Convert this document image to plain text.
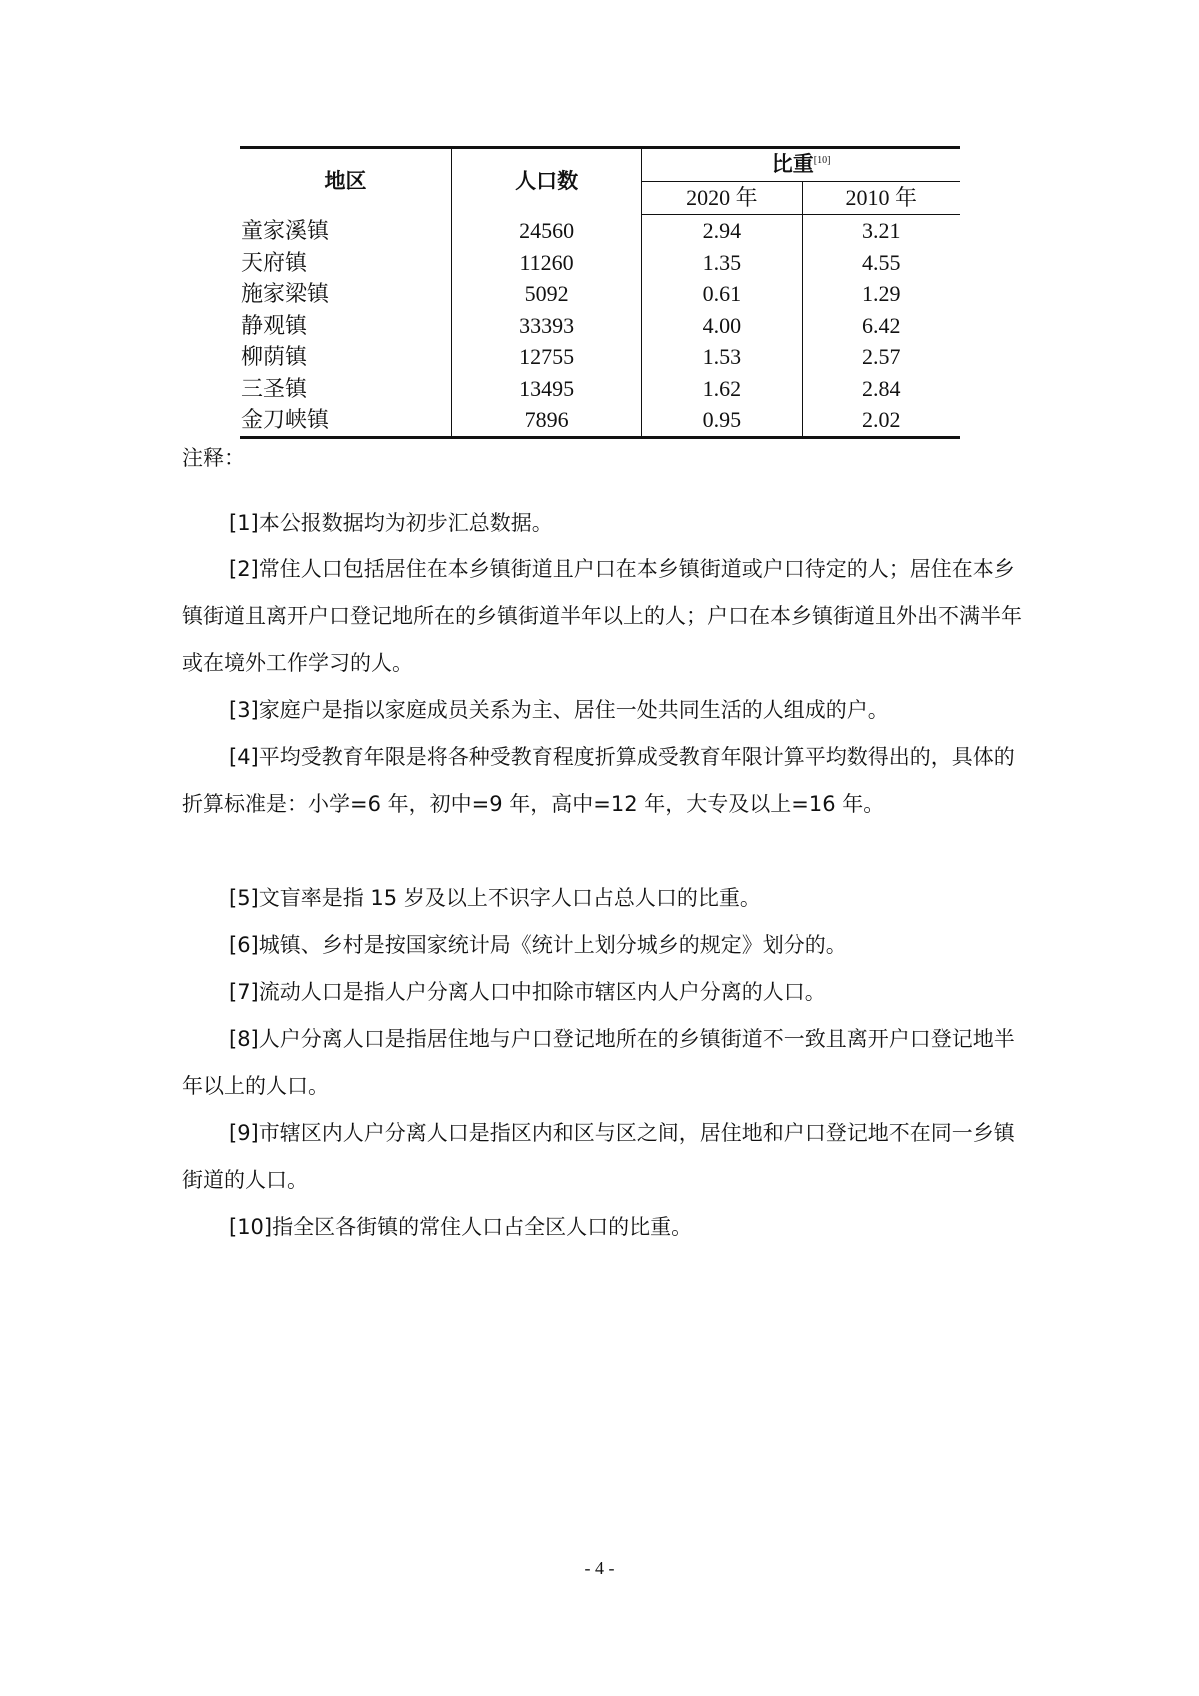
地区	人口数	比重[10]
		2020 年	2010 年
童家溪镇	24560	2.94	3.21
天府镇	11260	1.35	4.55
施家梁镇	5092	0.61	1.29
静观镇	33393	4.00	6.42
柳荫镇	12755	1.53	2.57
三圣镇	13495	1.62	2.84
金刀峡镇	7896	0.95	2.02
注释：

[1]本公报数据均为初步汇总数据。

[2]常住人口包括居住在本乡镇街道且户口在本乡镇街道或户口待定的人；居住在本乡镇街道且离开户口登记地所在的乡镇街道半年以上的人；户口在本乡镇街道且外出不满半年或在境外工作学习的人。

[3]家庭户是指以家庭成员关系为主、居住一处共同生活的人组成的户。

[4]平均受教育年限是将各种受教育程度折算成受教育年限计算平均数得出的，具体的折算标准是：小学=6 年，初中=9 年，高中=12 年，大专及以上=16 年。

[5]文盲率是指 15 岁及以上不识字人口占总人口的比重。

[6]城镇、乡村是按国家统计局《统计上划分城乡的规定》划分的。

[7]流动人口是指人户分离人口中扣除市辖区内人户分离的人口。

[8]人户分离人口是指居住地与户口登记地所在的乡镇街道不一致且离开户口登记地半年以上的人口。

[9]市辖区内人户分离人口是指区内和区与区之间，居住地和户口登记地不在同一乡镇街道的人口。

[10]指全区各街镇的常住人口占全区人口的比重。

- 4 -
